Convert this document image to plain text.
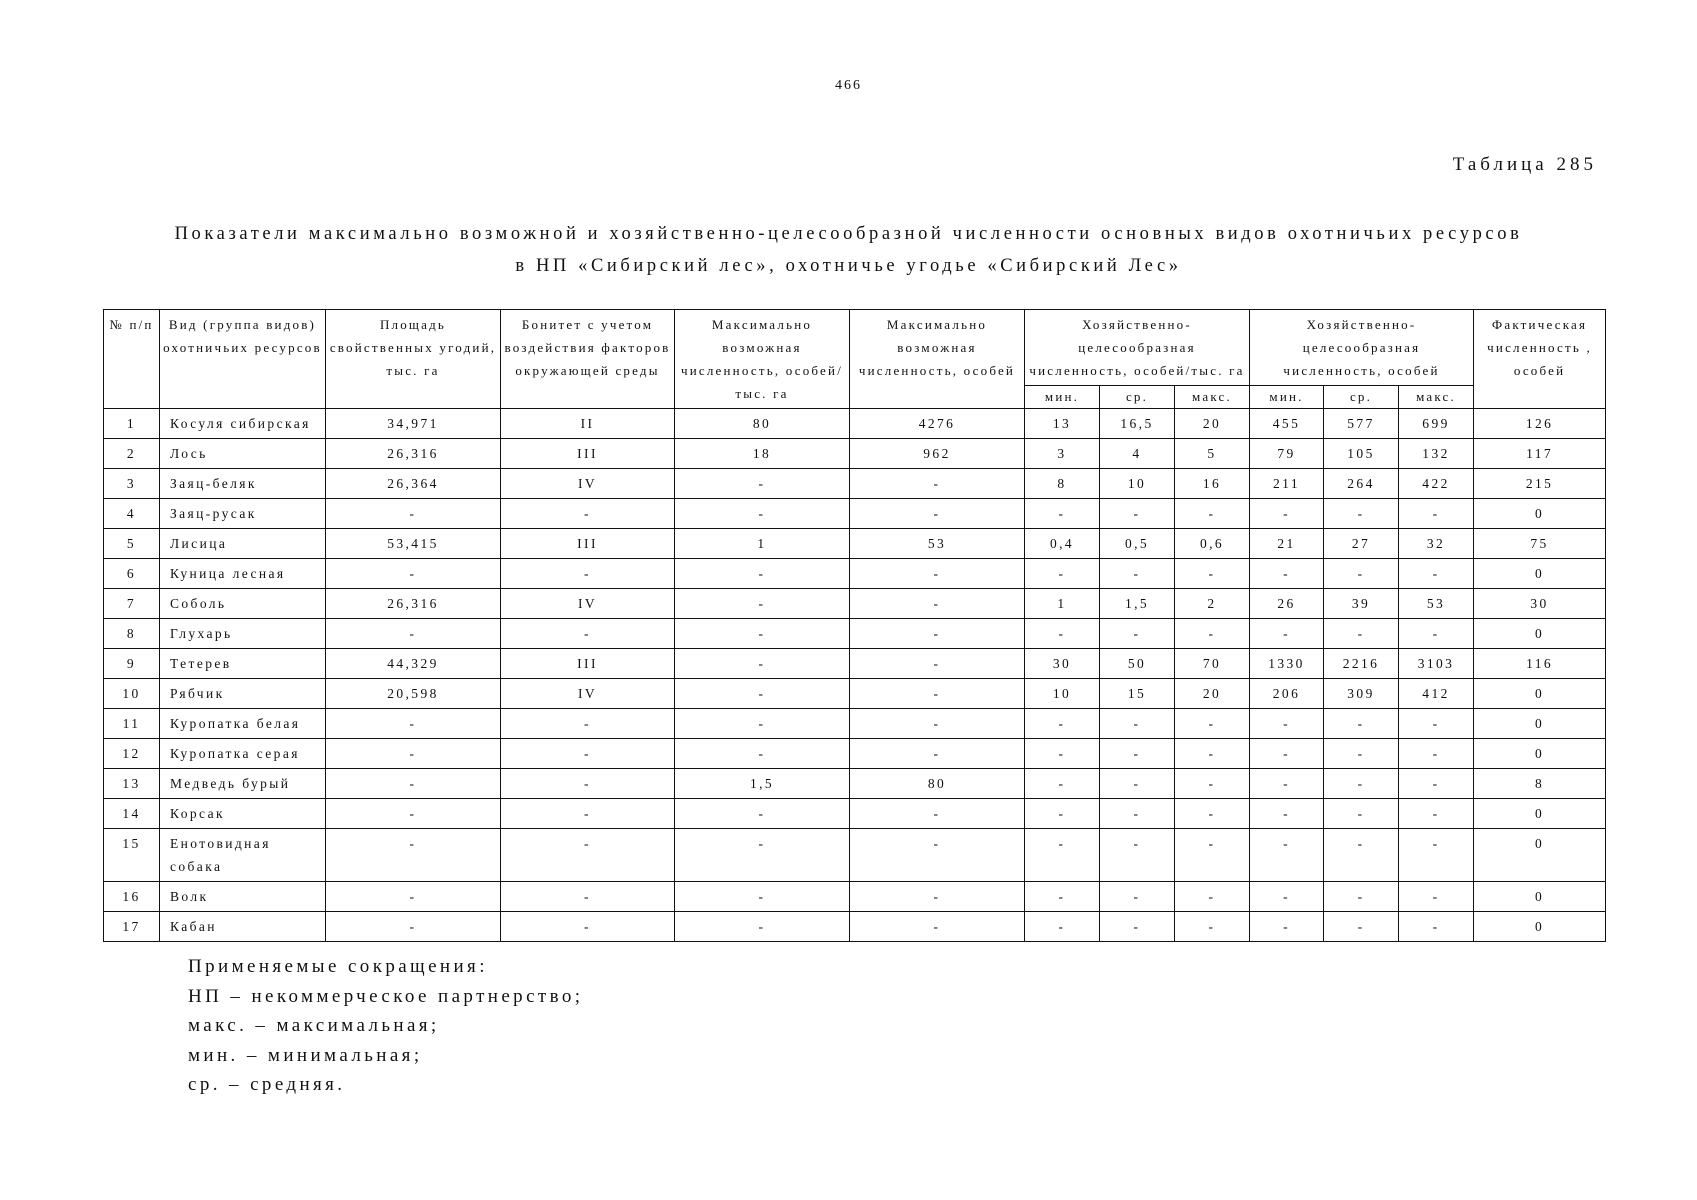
466
Таблица 285
Показатели максимально возможной и хозяйственно-целесообразной численности основных видов охотничьих ресурсов
в НП «Сибирский лес», охотничье угодье «Сибирский Лес»
№ п/п	Вид (группа видов) охотничьих ресурсов	Площадь свойственных угодий, тыс. га	Бонитет с учетом воздействия факторов окружающей среды	Максимально возможная численность, особей/тыс. га	Максимально возможная численность, особей	Хозяйственно-целесообразная численность, особей/тыс. га			Хозяйственно-целесообразная численность, особей			Фактическая численность , особей
						мин.	ср.	макс.	мин.	ср.	макс.	
1	Косуля сибирская	34,971	II	80	4276	13	16,5	20	455	577	699	126
2	Лось	26,316	III	18	962	3	4	5	79	105	132	117
3	Заяц-беляк	26,364	IV	-	-	8	10	16	211	264	422	215
4	Заяц-русак	-	-	-	-	-	-	-	-	-	-	0
5	Лисица	53,415	III	1	53	0,4	0,5	0,6	21	27	32	75
6	Куница лесная	-	-	-	-	-	-	-	-	-	-	0
7	Соболь	26,316	IV	-	-	1	1,5	2	26	39	53	30
8	Глухарь	-	-	-	-	-	-	-	-	-	-	0
9	Тетерев	44,329	III	-	-	30	50	70	1330	2216	3103	116
10	Рябчик	20,598	IV	-	-	10	15	20	206	309	412	0
11	Куропатка белая	-	-	-	-	-	-	-	-	-	-	0
12	Куропатка серая	-	-	-	-	-	-	-	-	-	-	0
13	Медведь бурый	-	-	1,5	80	-	-	-	-	-	-	8
14	Корсак	-	-	-	-	-	-	-	-	-	-	0
15	Енотовидная собака	-	-	-	-	-	-	-	-	-	-	0
16	Волк	-	-	-	-	-	-	-	-	-	-	0
17	Кабан	-	-	-	-	-	-	-	-	-	-	0
Применяемые сокращения:
НП – некоммерческое партнерство;
макс. – максимальная;
мин. – минимальная;
ср. – средняя.
